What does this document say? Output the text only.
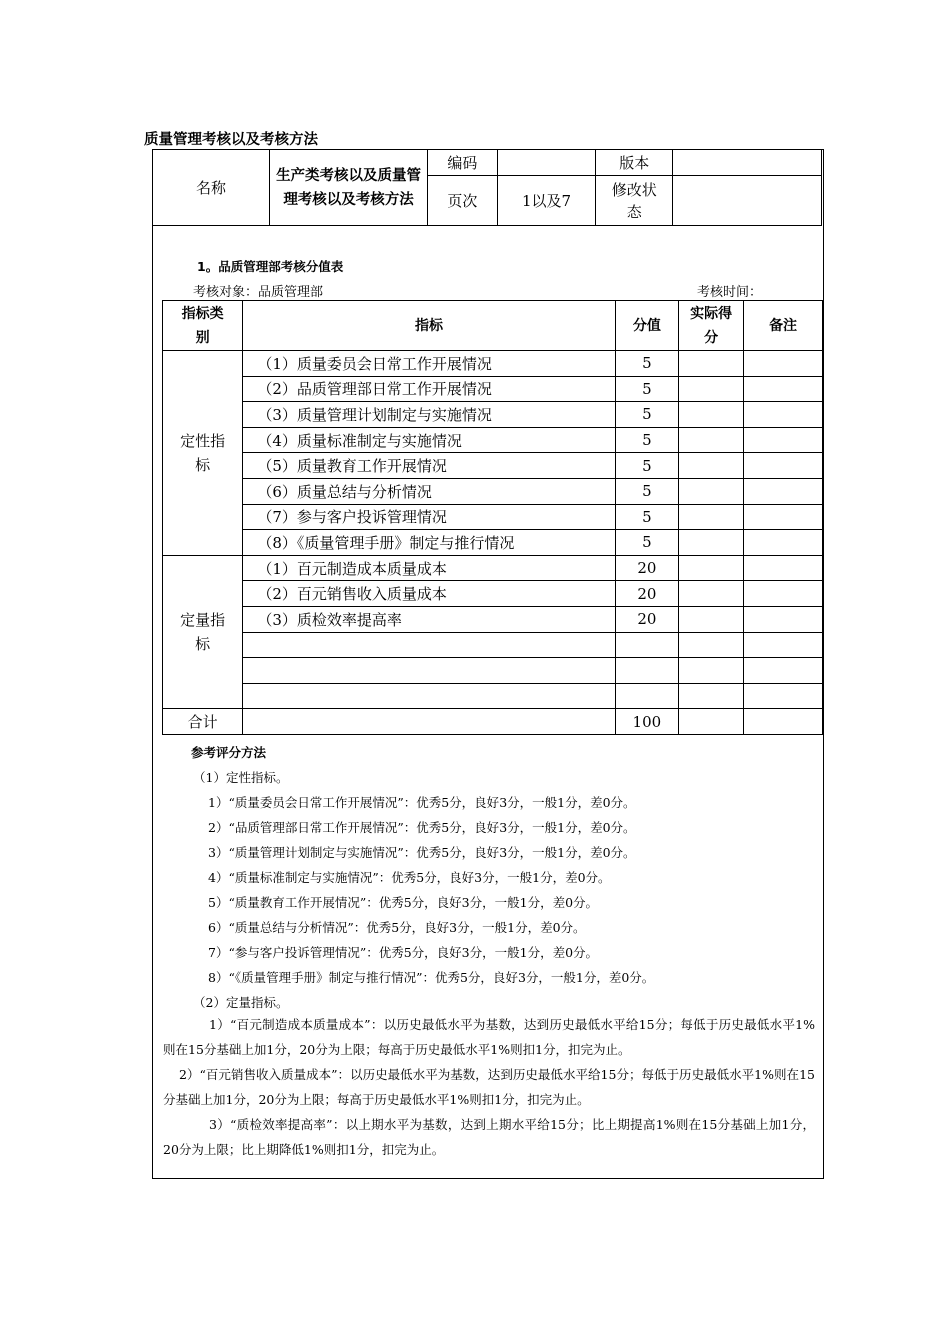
质量管理考核以及考核方法
名称	生产类考核以及质量管理考核以及考核方法	编码		版本	
		页次	1以及7	修改状态	
1。品质管理部考核分值表
考核对象：品质管理部	考核时间：
指标类别	指标	分值	实际得分	备注
定性指标	（1）质量委员会日常工作开展情况	5		
	（2）品质管理部日常工作开展情况	5		
	（3）质量管理计划制定与实施情况	5		
	（4）质量标准制定与实施情况	5		
	（5）质量教育工作开展情况	5		
	（6）质量总结与分析情况	5		
	（7）参与客户投诉管理情况	5		
	（8）《质量管理手册》制定与推行情况	5		
定量指标	（1）百元制造成本质量成本	20		
	（2）百元销售收入质量成本	20		
	（3）质检效率提高率	20		

合计		100		
参考评分方法
（1）定性指标。
1）“质量委员会日常工作开展情况”：优秀5分，良好3分，一般1分，差0分。
2）“品质管理部日常工作开展情况”：优秀5分，良好3分，一般1分，差0分。
3）“质量管理计划制定与实施情况”：优秀5分，良好3分，一般1分，差0分。
4）“质量标准制定与实施情况”：优秀5分，良好3分，一般1分，差0分。
5）“质量教育工作开展情况”：优秀5分，良好3分，一般1分，差0分。
6）“质量总结与分析情况”：优秀5分，良好3分，一般1分，差0分。
7）“参与客户投诉管理情况”：优秀5分，良好3分，一般1分，差0分。
8）“《质量管理手册》制定与推行情况”：优秀5分，良好3分，一般1分，差0分。
（2）定量指标。
1）“百元制造成本质量成本”：以历史最低水平为基数，达到历史最低水平给15分；每低于历史最低水平1%则在15分基础上加1分，20分为上限；每高于历史最低水平1%则扣1分，扣完为止。
2）“百元销售收入质量成本”：以历史最低水平为基数，达到历史最低水平给15分；每低于历史最低水平1%则在15分基础上加1分，20分为上限；每高于历史最低水平1%则扣1分，扣完为止。
3）“质检效率提高率”：以上期水平为基数，达到上期水平给15分；比上期提高1%则在15分基础上加1分，20分为上限；比上期降低1%则扣1分，扣完为止。
